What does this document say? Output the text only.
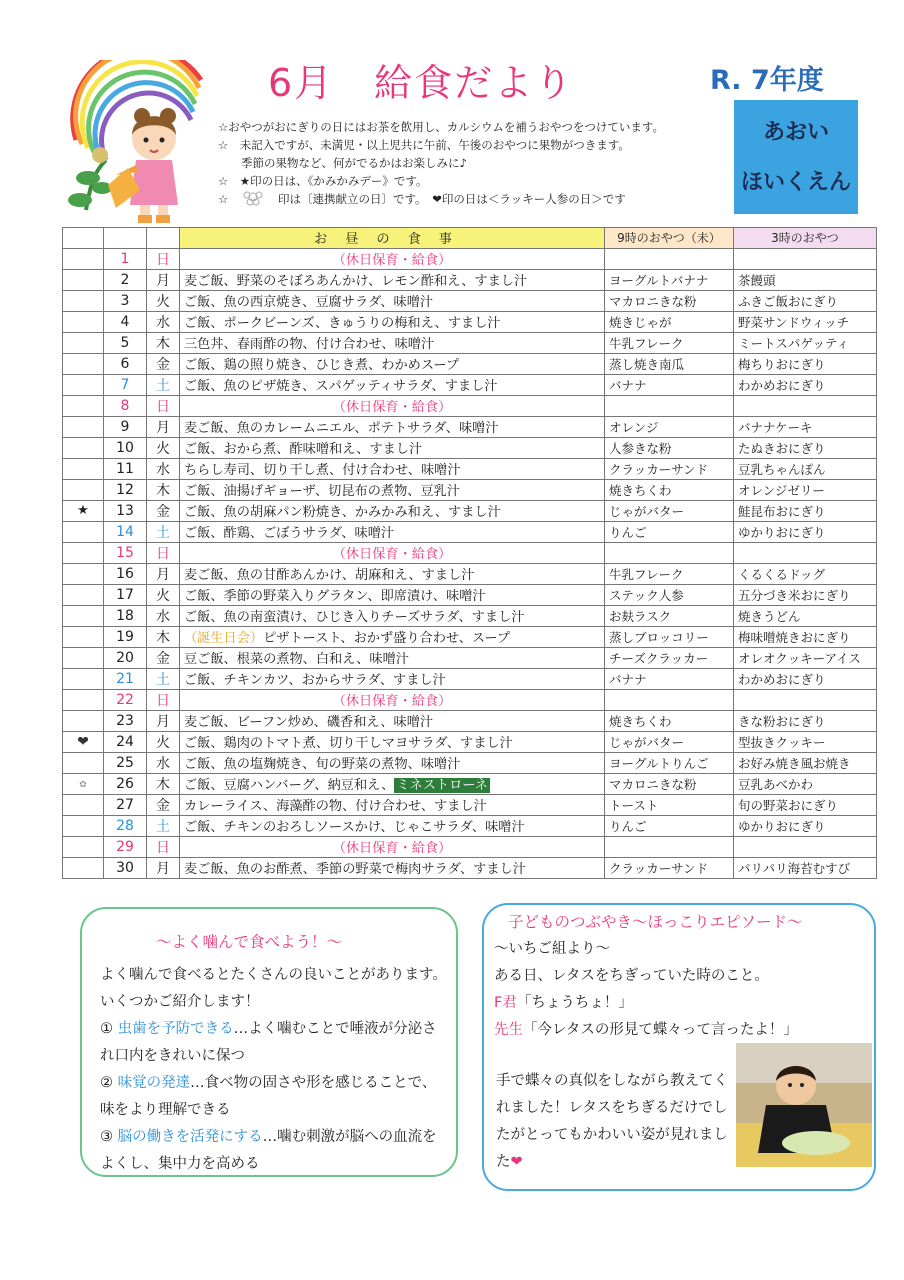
6月　給食だより	R. 7年度
あおい
ほいくえん
☆おやつがおにぎりの日にはお茶を飲用し、カルシウムを補うおやつをつけています。
☆　未記入ですが、未満児・以上児共に午前、午後のおやつに果物がつきます。
　　季節の果物など、何がでるかはお楽しみに♪
☆　★印の日は、《かみかみデー》です。
☆　　　　 印は〔連携献立の日〕です。　❤印の日は＜ラッキー人参の日＞です
			お昼の食事	9時のおやつ（未）	3時のおやつ
	1	日	（休日保育・給食）		
	2	月	麦ご飯、野菜のそぼろあんかけ、レモン酢和え、すまし汁	ヨーグルトバナナ	茶饅頭
	3	火	ご飯、魚の西京焼き、豆腐サラダ、味噌汁	マカロニきな粉	ふきご飯おにぎり
	4	水	ご飯、ポークビーンズ、きゅうりの梅和え、すまし汁	焼きじゃが	野菜サンドウィッチ
	5	木	三色丼、春雨酢の物、付け合わせ、味噌汁	牛乳フレーク	ミートスパゲッティ
	6	金	ご飯、鶏の照り焼き、ひじき煮、わかめスープ	蒸し焼き南瓜	梅ちりおにぎり
	7	土	ご飯、魚のピザ焼き、スパゲッティサラダ、すまし汁	バナナ	わかめおにぎり
	8	日	（休日保育・給食）		
	9	月	麦ご飯、魚のカレームニエル、ポテトサラダ、味噌汁	オレンジ	バナナケーキ
	10	火	ご飯、おから煮、酢味噌和え、すまし汁	人参きな粉	たぬきおにぎり
	11	水	ちらし寿司、切り干し煮、付け合わせ、味噌汁	クラッカーサンド	豆乳ちゃんぽん
	12	木	ご飯、油揚げギョーザ、切昆布の煮物、豆乳汁	焼きちくわ	オレンジゼリー
★	13	金	ご飯、魚の胡麻パン粉焼き、かみかみ和え、すまし汁	じゃがバター	鮭昆布おにぎり
	14	土	ご飯、酢鶏、ごぼうサラダ、味噌汁	りんご	ゆかりおにぎり
	15	日	（休日保育・給食）		
	16	月	麦ご飯、魚の甘酢あんかけ、胡麻和え、すまし汁	牛乳フレーク	くるくるドッグ
	17	火	ご飯、季節の野菜入りグラタン、即席漬け、味噌汁	ステック人参	五分づき米おにぎり
	18	水	ご飯、魚の南蛮漬け、ひじき入りチーズサラダ、すまし汁	お麸ラスク	焼きうどん
	19	木	（誕生日会）ピザトースト、おかず盛り合わせ、スープ	蒸しブロッコリー	梅味噌焼きおにぎり
	20	金	豆ご飯、根菜の煮物、白和え、味噌汁	チーズクラッカー	オレオクッキーアイス
	21	土	ご飯、チキンカツ、おからサラダ、すまし汁	バナナ	わかめおにぎり
	22	日	（休日保育・給食）		
	23	月	麦ご飯、ビーフン炒め、磯香和え、味噌汁	焼きちくわ	きな粉おにぎり
❤	24	火	ご飯、鶏肉のトマト煮、切り干しマヨサラダ、すまし汁	じゃがバター	型抜きクッキー
	25	水	ご飯、魚の塩麹焼き、旬の野菜の煮物、味噌汁	ヨーグルトりんご	お好み焼き風お焼き
✿	26	木	ご飯、豆腐ハンバーグ、納豆和え、 ミネストローネ	マカロニきな粉	豆乳あべかわ
	27	金	カレーライス、海藻酢の物、付け合わせ、すまし汁	トースト	旬の野菜おにぎり
	28	土	ご飯、チキンのおろしソースかけ、じゃこサラダ、味噌汁	りんご	ゆかりおにぎり
	29	日	（休日保育・給食）		
	30	月	麦ご飯、魚のお酢煮、季節の野菜で梅肉サラダ、すまし汁	クラッカーサンド	パリパリ海苔むすび
～よく噛んで食べよう！～
よく噛んで食べるとたくさんの良いことがあります。いくつかご紹介します！
① 虫歯を予防できる…よく噛むことで唾液が分泌され口内をきれいに保つ
② 味覚の発達…食べ物の固さや形を感じることで、味をより理解できる
③ 脳の働きを活発にする…噛む刺激が脳への血流をよくし、集中力を高める
子どものつぶやき～ほっこりエピソード～
～いちご組より～
ある日、レタスをちぎっていた時のこと。
F君「ちょうちょ！」
先生「今レタスの形見て蝶々って言ったよ！」
手で蝶々の真似をしながら教えてくれました！レタスをちぎるだけでしたがとってもかわいい姿が見れました❤
